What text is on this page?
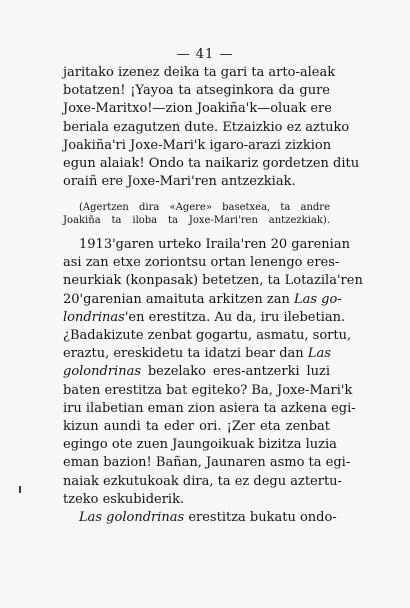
— 41 —
jaritako izenez deika ta gari ta arto-aleak
botatzen! ¡Yayoa ta atseginkora da gure
Joxe-Maritxo!—zion Joakiña'k—oluak ere
beriala ezagutzen dute. Etzaizkio ez aztuko
Joakiña'ri Joxe-Mari'k igaro-arazi zizkion
egun alaiak! Ondo ta naikariz gordetzen ditu
oraiñ ere Joxe-Mari'ren antzezkiak.
(Agertzen dira «Agere» basetxea, ta andre
Joakiña ta iloba ta Joxe-Mari'ren antzezkiak).
1913'garen urteko Iraila'ren 20 garenian
asi zan etxe zoriontsu ortan lenengo eres-
neurkiak (konpasak) betetzen, ta Lotazila'ren
20'garenian amaituta arkitzen zan Las go-
londrinas'en erestitza. Au da, iru ilebetian.
¿Badakizute zenbat gogartu, asmatu, sortu,
eraztu, ereskidetu ta idatzi bear dan Las
golondrinas bezelako eres-antzerki luzi
baten erestitza bat egiteko? Ba, Joxe-Mari'k
iru ilabetian eman zion asiera ta azkena egi-
kizun aundi ta eder ori. ¡Zer eta zenbat
egingo ote zuen Jaungoikuak bizitza luzia
eman bazion! Bañan, Jaunaren asmo ta egi-
naiak ezkutukoak dira, ta ez degu aztertu-
tzeko eskubiderik.
Las golondrinas erestitza bukatu ondo-
